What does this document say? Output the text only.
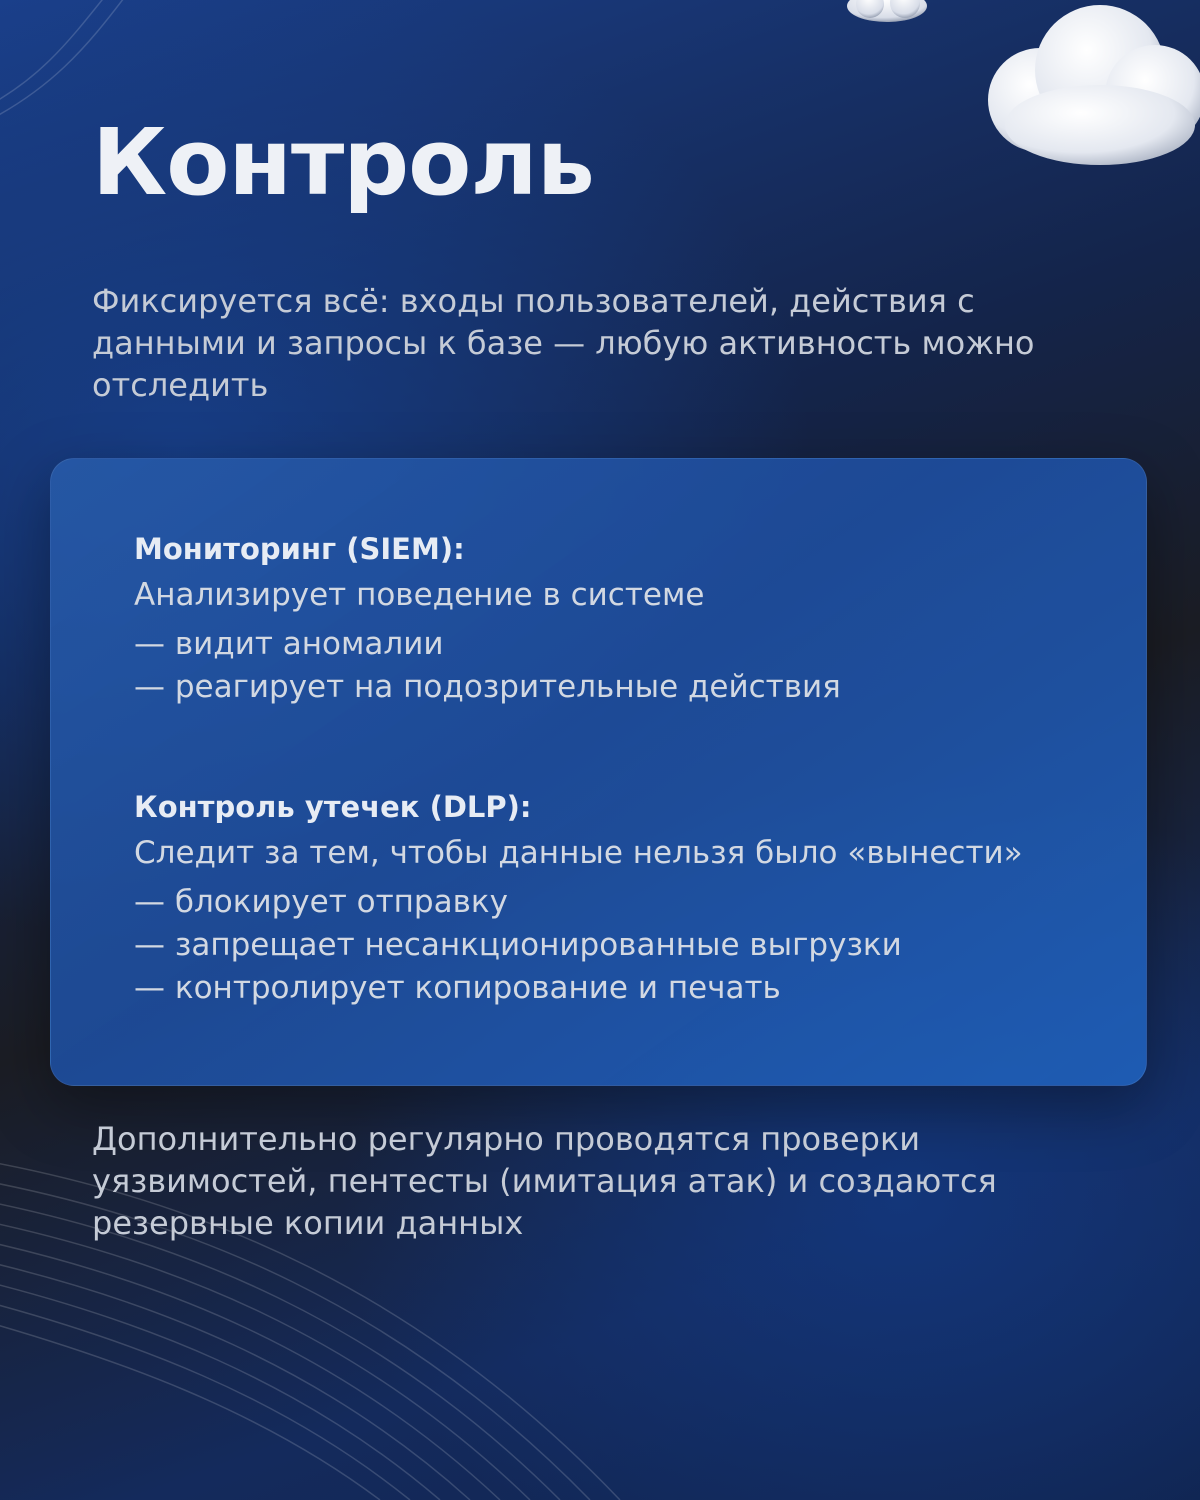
Контроль

Фиксируется всё: входы пользователей, действия с данными и запросы к базе — любую активность можно отследить

Мониторинг (SIEM):

Анализирует поведение в системе

— видит аномалии

— реагирует на подозрительные действия

Контроль утечек (DLP):

Следит за тем, чтобы данные нельзя было «вынести»

— блокирует отправку

— запрещает несанкционированные выгрузки

— контролирует копирование и печать

Дополнительно регулярно проводятся проверки уязвимостей, пентесты (имитация атак) и создаются резервные копии данных
